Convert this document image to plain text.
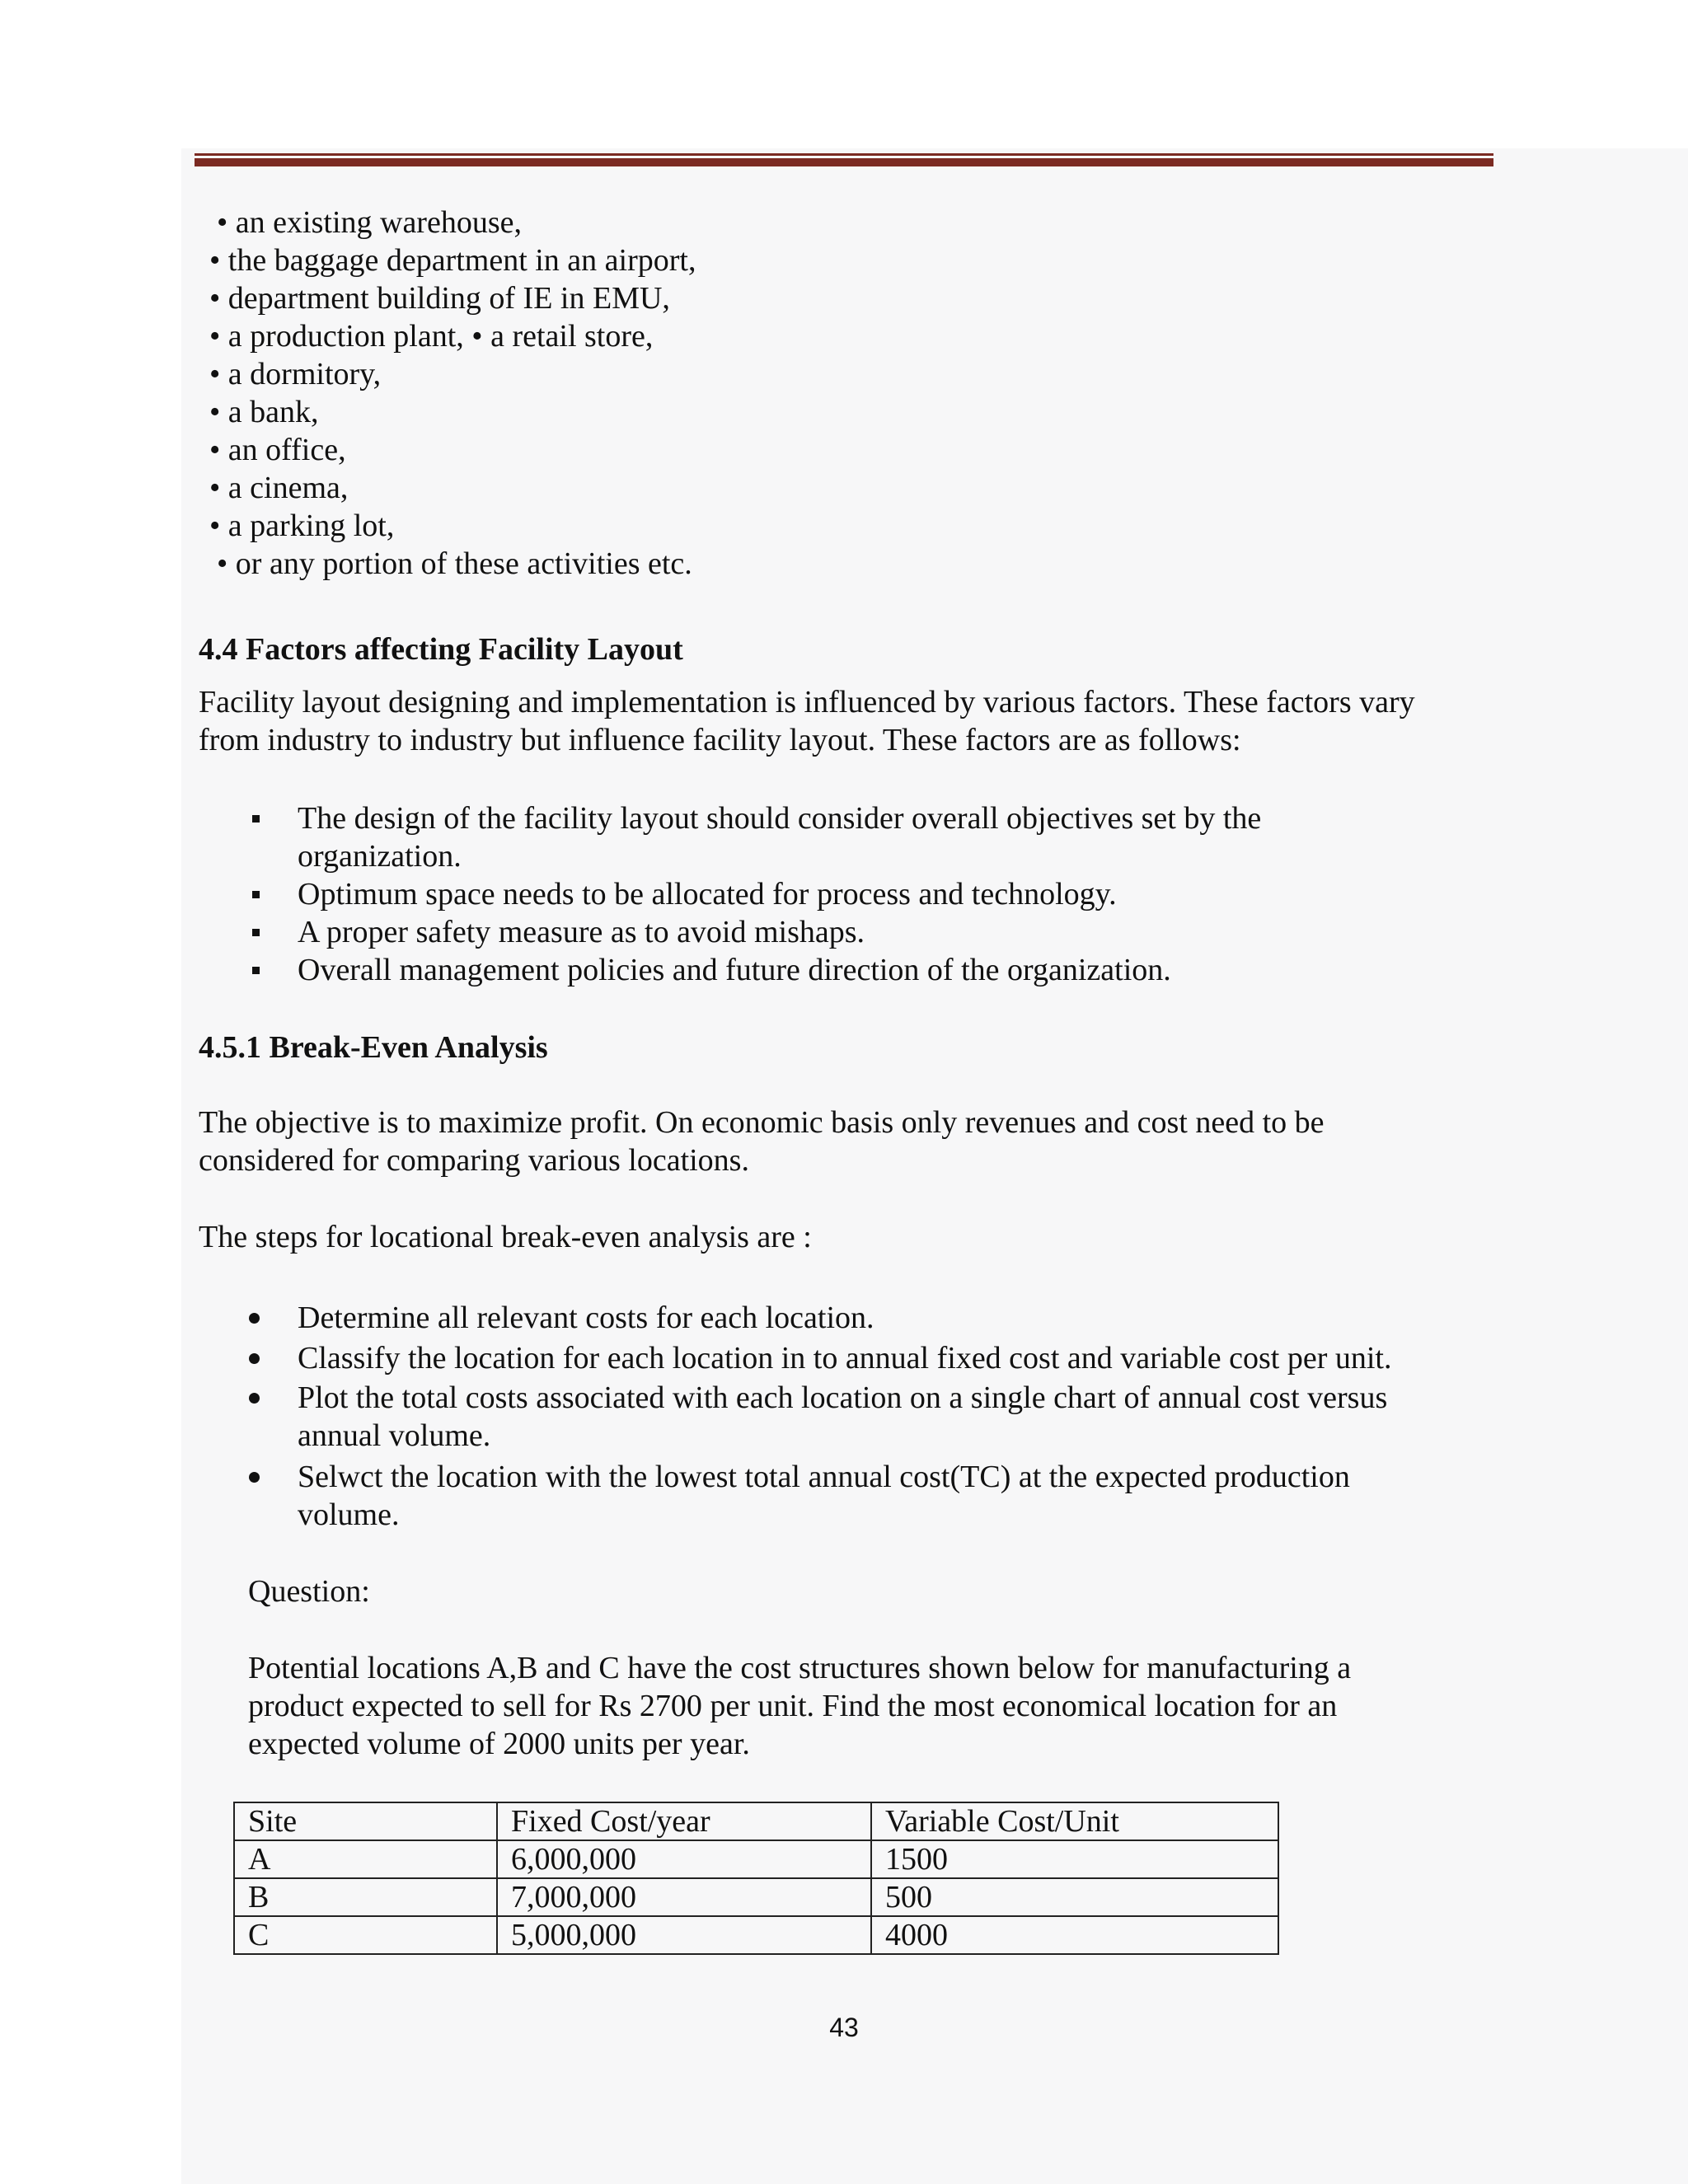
• an existing warehouse,

• the baggage department in an airport,

• department building of IE in EMU,

• a production plant, • a retail store,

• a dormitory,

• a bank,

• an office,

• a cinema,

• a parking lot,

• or any portion of these activities etc.

4.4 Factors affecting Facility Layout

Facility layout designing and implementation is influenced by various factors. These factors vary

from industry to industry but influence facility layout. These factors are as follows:

The design of the facility layout should consider overall objectives set by the

organization.

Optimum space needs to be allocated for process and technology.

A proper safety measure as to avoid mishaps.

Overall management policies and future direction of the organization.

4.5.1 Break-Even Analysis

The objective is to maximize profit. On economic basis only revenues and cost need to be

considered for comparing various locations.

The steps for locational break-even analysis are :

Determine all relevant costs for each location.

Classify the location for each location in to annual fixed cost and variable cost per unit.

Plot the total costs associated with each location on a single chart of annual cost versus

annual volume.

Selwct the location with the lowest total annual cost(TC) at the expected production

volume.

Question:

Potential locations A,B and C have the cost structures shown below for manufacturing a

product expected to sell for Rs 2700 per unit. Find the most economical location for an

expected volume of 2000 units per year.

Site	Fixed Cost/year	Variable Cost/Unit
A	6,000,000	1500
B	7,000,000	500
C	5,000,000	4000
43
